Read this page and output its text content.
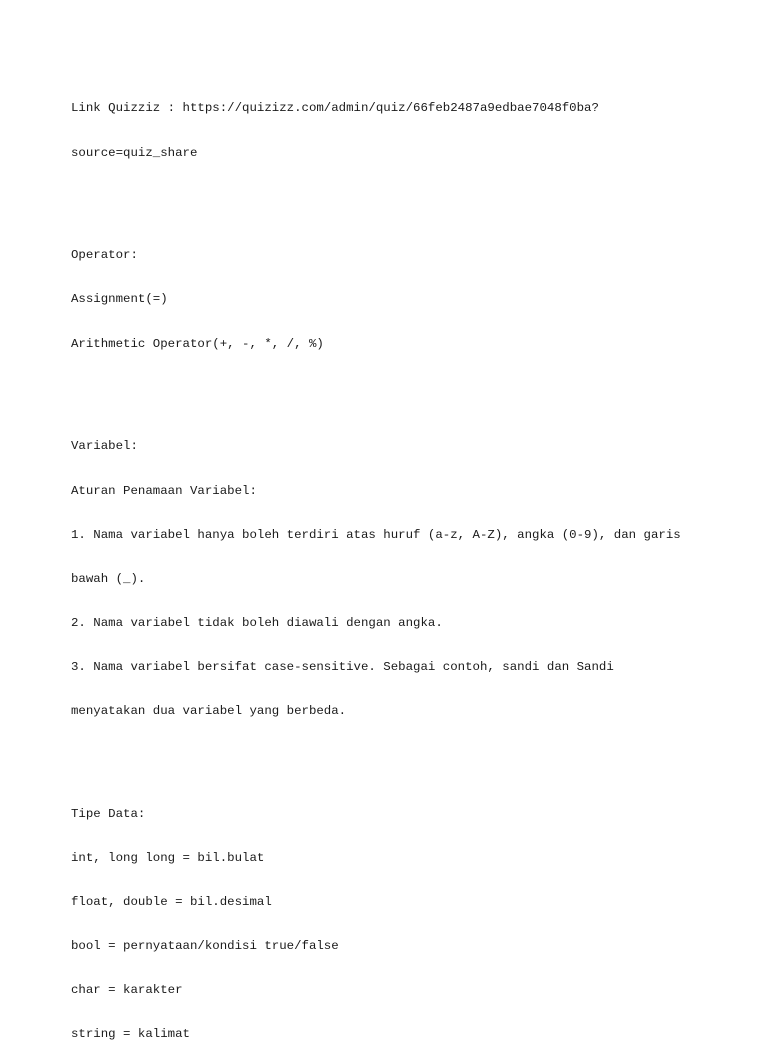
Link Quizziz : https://quizizz.com/admin/quiz/66feb2487a9edbae7048f0ba?

source=quiz_share

Operator:

Assignment(=)

Arithmetic Operator(+, -, *, /, %)

Variabel:

Aturan Penamaan Variabel:

1. Nama variabel hanya boleh terdiri atas huruf (a-z, A-Z), angka (0-9), dan garis

bawah (_).

2. Nama variabel tidak boleh diawali dengan angka.

3. Nama variabel bersifat case-sensitive. Sebagai contoh, sandi dan Sandi

menyatakan dua variabel yang berbeda.

Tipe Data:

int, long long = bil.bulat

float, double = bil.desimal

bool = pernyataan/kondisi true/false

char = karakter

string = kalimat
